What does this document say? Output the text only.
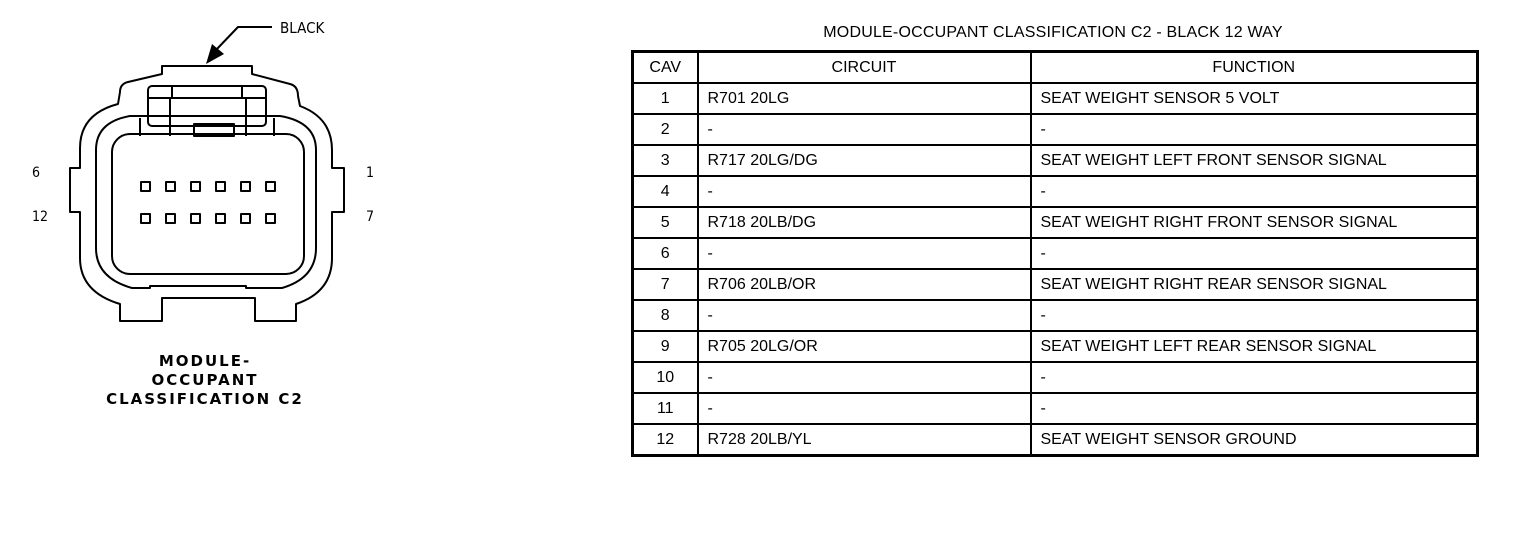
BLACK
6
12
1
7
MODULE-
OCCUPANT
CLASSIFICATION C2
MODULE-OCCUPANT CLASSIFICATION C2 - BLACK 12 WAY
CAV	CIRCUIT	FUNCTION
1	R701 20LG	SEAT WEIGHT SENSOR 5 VOLT
2	-	-
3	R717 20LG/DG	SEAT WEIGHT LEFT FRONT SENSOR SIGNAL
4	-	-
5	R718 20LB/DG	SEAT WEIGHT RIGHT FRONT SENSOR SIGNAL
6	-	-
7	R706 20LB/OR	SEAT WEIGHT RIGHT REAR SENSOR SIGNAL
8	-	-
9	R705 20LG/OR	SEAT WEIGHT LEFT REAR SENSOR SIGNAL
10	-	-
11	-	-
12	R728 20LB/YL	SEAT WEIGHT SENSOR GROUND
